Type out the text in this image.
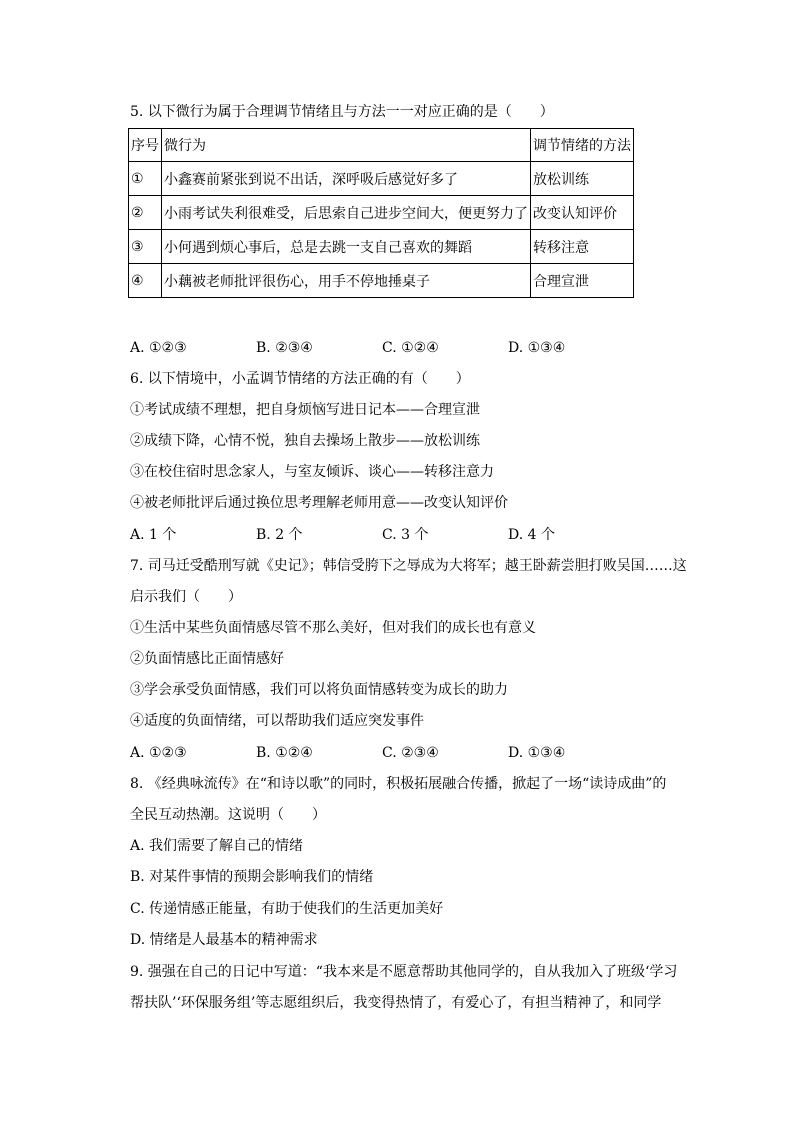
5. 以下微行为属于合理调节情绪且与方法一一对应正确的是（　　）
序号	微行为	调节情绪的方法
①	小鑫赛前紧张到说不出话，深呼吸后感觉好多了	放松训练
②	小雨考试失利很难受，后思索自己进步空间大，便更努力了	改变认知评价
③	小何遇到烦心事后，总是去跳一支自己喜欢的舞蹈	转移注意
④	小藕被老师批评很伤心，用手不停地捶桌子	合理宣泄
A. ①②③	B. ②③④	C. ①②④	D. ①③④
6. 以下情境中，小孟调节情绪的方法正确的有（　　）
①考试成绩不理想，把自身烦恼写进日记本——合理宣泄
②成绩下降，心情不悦，独自去操场上散步——放松训练
③在校住宿时思念家人，与室友倾诉、谈心——转移注意力
④被老师批评后通过换位思考理解老师用意——改变认知评价
A. 1 个	B. 2 个	C. 3 个	D. 4 个
7. 司马迁受酷刑写就《史记》；韩信受胯下之辱成为大将军；越王卧薪尝胆打败吴国……这
启示我们（　　）
①生活中某些负面情感尽管不那么美好，但对我们的成长也有意义
②负面情感比正面情感好
③学会承受负面情感，我们可以将负面情感转变为成长的助力
④适度的负面情绪，可以帮助我们适应突发事件
A. ①②③	B. ①②④	C. ②③④	D. ①③④
8. 《经典咏流传》在“和诗以歌”的同时，积极拓展融合传播，掀起了一场“读诗成曲”的
全民互动热潮。这说明（　　）
A. 我们需要了解自己的情绪
B. 对某件事情的预期会影响我们的情绪
C. 传递情感正能量，有助于使我们的生活更加美好
D. 情绪是人最基本的精神需求
9. 强强在自己的日记中写道：“我本来是不愿意帮助其他同学的，自从我加入了班级‘学习
帮扶队’‘环保服务组’等志愿组织后，我变得热情了，有爱心了，有担当精神了，和同学
